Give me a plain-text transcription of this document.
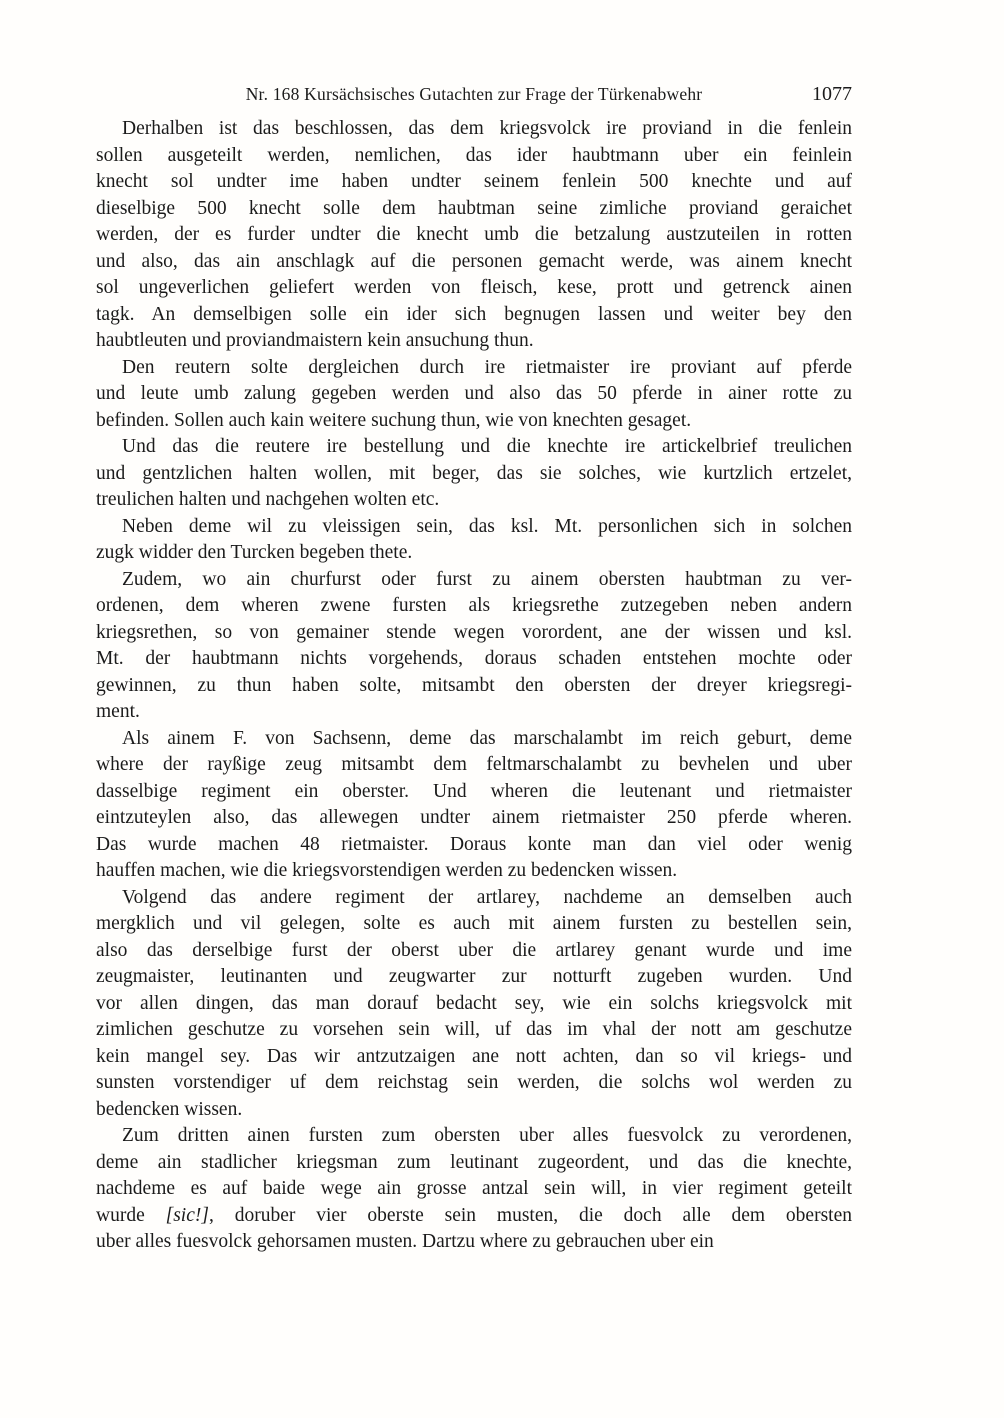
Nr. 168 Kursächsisches Gutachten zur Frage der Türkenabwehr	1077
Derhalben ist das beschlossen, das dem kriegsvolck ire proviand in die fenlein
sollen ausgeteilt werden, nemlichen, das ider haubtmann uber ein feinlein
knecht sol undter ime haben undter seinem fenlein 500 knechte und auf
dieselbige 500 knecht solle dem haubtman seine zimliche proviand geraichet
werden, der es furder undter die knecht umb die betzalung austzuteilen in rotten
und also, das ain anschlagk auf die personen gemacht werde, was ainem knecht
sol ungeverlichen geliefert werden von fleisch, kese, prott und getrenck ainen
tagk. An demselbigen solle ein ider sich begnugen lassen und weiter bey den
haubtleuten und proviandmaistern kein ansuchung thun.
Den reutern solte dergleichen durch ire rietmaister ire proviant auf pferde
und leute umb zalung gegeben werden und also das 50 pferde in ainer rotte zu
befinden. Sollen auch kain weitere suchung thun, wie von knechten gesaget.
Und das die reutere ire bestellung und die knechte ire artickelbrief treulichen
und gentzlichen halten wollen, mit beger, das sie solches, wie kurtzlich ertzelet,
treulichen halten und nachgehen wolten etc.
Neben deme wil zu vleissigen sein, das ksl. Mt. personlichen sich in solchen
zugk widder den Turcken begeben thete.
Zudem, wo ain churfurst oder furst zu ainem obersten haubtman zu ver-
ordenen, dem wheren zwene fursten als kriegsrethe zutzegeben neben andern
kriegsrethen, so von gemainer stende wegen vorordent, ane der wissen und ksl.
Mt. der haubtmann nichts vorgehends, doraus schaden entstehen mochte oder
gewinnen, zu thun haben solte, mitsambt den obersten der dreyer kriegsregi-
ment.
Als ainem F. von Sachsenn, deme das marschalambt im reich geburt, deme
where der rayßige zeug mitsambt dem feltmarschalambt zu bevhelen und uber
dasselbige regiment ein oberster. Und wheren die leutenant und rietmaister
eintzuteylen also, das allewegen undter ainem rietmaister 250 pferde wheren.
Das wurde machen 48 rietmaister. Doraus konte man dan viel oder wenig
hauffen machen, wie die kriegsvorstendigen werden zu bedencken wissen.
Volgend das andere regiment der artlarey, nachdeme an demselben auch
mergklich und vil gelegen, solte es auch mit ainem fursten zu bestellen sein,
also das derselbige furst der oberst uber die artlarey genant wurde und ime
zeugmaister, leutinanten und zeugwarter zur notturft zugeben wurden. Und
vor allen dingen, das man dorauf bedacht sey, wie ein solchs kriegsvolck mit
zimlichen geschutze zu vorsehen sein will, uf das im vhal der nott am geschutze
kein mangel sey. Das wir antzutzaigen ane nott achten, dan so vil kriegs- und
sunsten vorstendiger uf dem reichstag sein werden, die solchs wol werden zu
bedencken wissen.
Zum dritten ainen fursten zum obersten uber alles fuesvolck zu verordenen,
deme ain stadlicher kriegsman zum leutinant zugeordent, und das die knechte,
nachdeme es auf baide wege ain grosse antzal sein will, in vier regiment geteilt
wurde [sic!], doruber vier oberste sein musten, die doch alle dem obersten
uber alles fuesvolck gehorsamen musten. Dartzu where zu gebrauchen uber ein
